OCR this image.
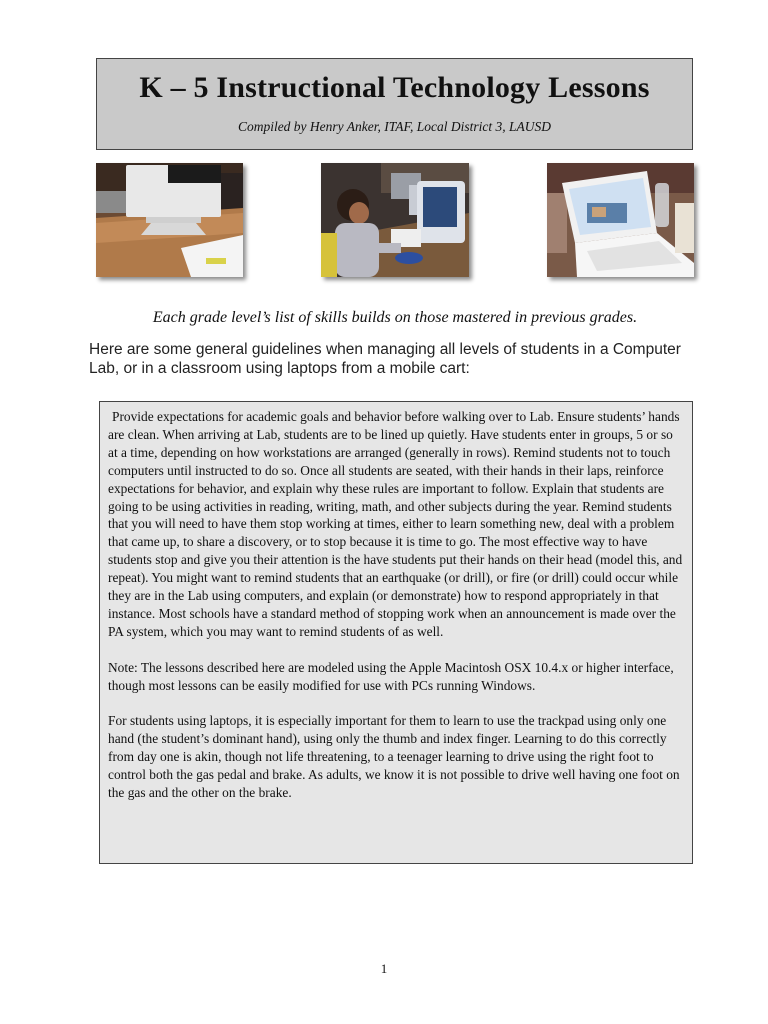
K – 5 Instructional Technology Lessons
Compiled by Henry Anker, ITAF, Local District 3, LAUSD
Each grade level’s list of skills builds on those mastered in previous grades.
Here are some general guidelines when managing all levels of students in a Computer Lab, or in a classroom using laptops from a mobile cart:

Provide expectations for academic goals and behavior before walking over to Lab. Ensure students’ hands are clean. When arriving at Lab, students are to be lined up quietly. Have students enter in groups, 5 or so at a time, depending on how workstations are arranged (generally in rows). Remind students not to touch computers until instructed to do so. Once all students are seated, with their hands in their laps, reinforce expectations for behavior, and explain why these rules are important to follow. Explain that students are going to be using activities in reading, writing, math, and other subjects during the year. Remind students that you will need to have them stop working at times, either to learn something new, deal with a problem that came up, to share a discovery, or to stop because it is time to go. The most effective way to have students stop and give you their attention is the have students put their hands on their head (model this, and repeat). You might want to remind students that an earthquake (or drill), or fire (or drill) could occur while they are in the Lab using computers, and explain (or demonstrate) how to respond appropriately in that instance. Most schools have a standard method of stopping work when an announcement is made over the PA system, which you may want to remind students of as well.

Note: The lessons described here are modeled using the Apple Macintosh OSX 10.4.x or higher interface, though most lessons can be easily modified for use with PCs running Windows.

For students using laptops, it is especially important for them to learn to use the trackpad using only one hand (the student’s dominant hand), using only the thumb and index finger. Learning to do this correctly from day one is akin, though not life threatening, to a teenager learning to drive using the right foot to control both the gas pedal and brake. As adults, we know it is not possible to drive well having one foot on the gas and the other on the brake.

1
